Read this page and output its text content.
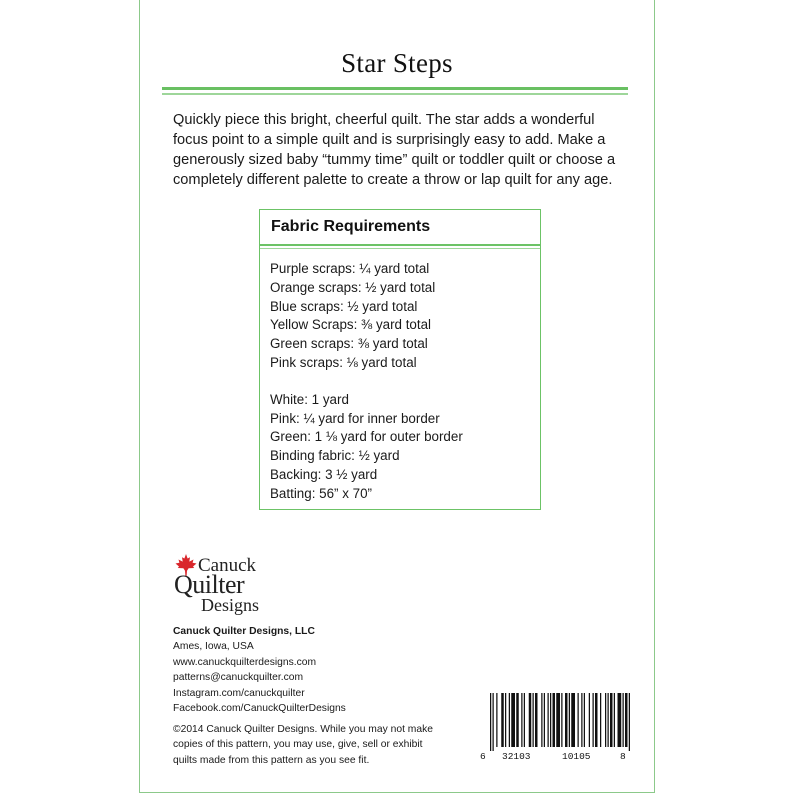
Star Steps
Quickly piece this bright, cheerful quilt. The star adds a wonderful focus point to a simple quilt and is surprisingly easy to add. Make a generously sized baby “tummy time” quilt or toddler quilt or choose a completely different palette to create a throw or lap quilt for any age.
Fabric Requirements
Purple scraps: ¼ yard total
Orange scraps: ½ yard total
Blue scraps: ½ yard total
Yellow Scraps: ⅜ yard total
Green scraps: ⅜ yard total
Pink scraps: ⅛ yard total
White: 1 yard
Pink: ¼ yard for inner border
Green: 1 ⅛ yard for outer border
Binding fabric: ½ yard
Backing: 3 ½ yard
Batting: 56” x 70”
Canuck
Quilter
Designs
Canuck Quilter Designs, LLC
Ames, Iowa, USA
www.canuckquilterdesigns.com
patterns@canuckquilter.com
Instagram.com/canuckquilter
Facebook.com/CanuckQuilterDesigns
©2014 Canuck Quilter Designs. While you may not make copies of this pattern, you may use, give, sell or exhibit quilts made from this pattern as you see fit.	6 32103	10105	8
